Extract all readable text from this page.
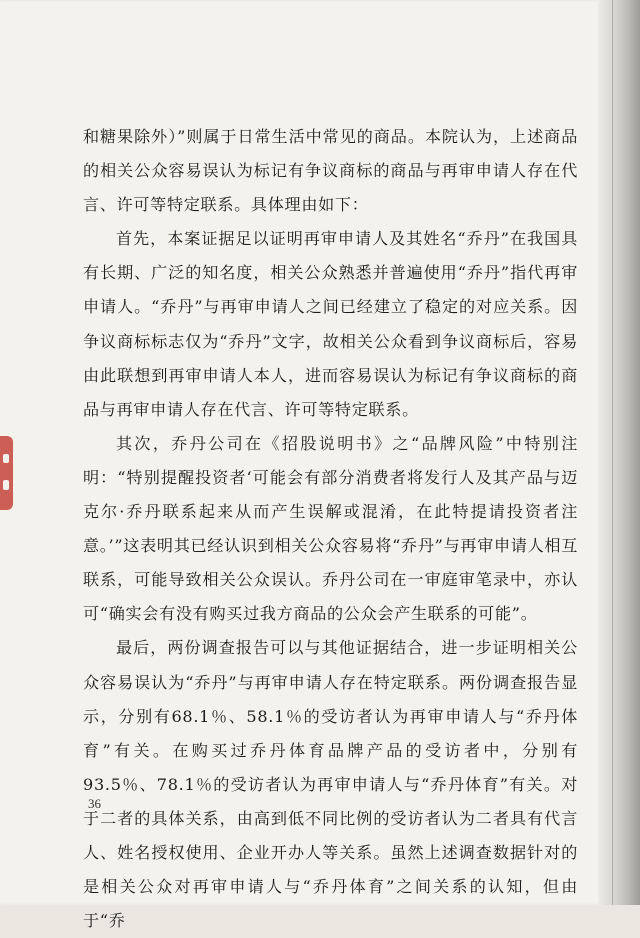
和糖果除外）”则属于日常生活中常见的商品。本院认为，上述商品的相关公众容易误认为标记有争议商标的商品与再审申请人存在代言、许可等特定联系。具体理由如下：

首先，本案证据足以证明再审申请人及其姓名“乔丹”在我国具有长期、广泛的知名度，相关公众熟悉并普遍使用“乔丹”指代再审申请人。“乔丹”与再审申请人之间已经建立了稳定的对应关系。因争议商标标志仅为“乔丹”文字，故相关公众看到争议商标后，容易由此联想到再审申请人本人，进而容易误认为标记有争议商标的商品与再审申请人存在代言、许可等特定联系。

其次，乔丹公司在《招股说明书》之“品牌风险”中特别注明：“特别提醒投资者‘可能会有部分消费者将发行人及其产品与迈克尔·乔丹联系起来从而产生误解或混淆，在此特提请投资者注意。’”这表明其已经认识到相关公众容易将“乔丹”与再审申请人相互联系，可能导致相关公众误认。乔丹公司在一审庭审笔录中，亦认可“确实会有没有购买过我方商品的公众会产生联系的可能”。

最后，两份调查报告可以与其他证据结合，进一步证明相关公众容易误认为“乔丹”与再审申请人存在特定联系。两份调查报告显示，分别有68.1％、58.1％的受访者认为再审申请人与“乔丹体育”有关。在购买过乔丹体育品牌产品的受访者中，分别有93.5％、78.1％的受访者认为再审申请人与“乔丹体育”有关。对于二者的具体关系，由高到低不同比例的受访者认为二者具有代言人、姓名授权使用、企业开办人等关系。虽然上述调查数据针对的是相关公众对再审申请人与“乔丹体育”之间关系的认知，但由于“乔

36
